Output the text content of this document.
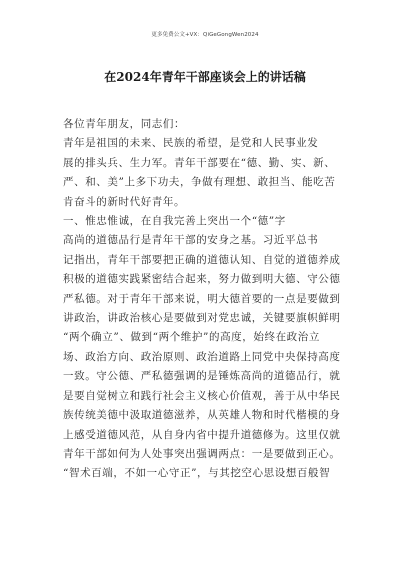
更多免费公文+VX：QiGeGongWen2024
在2024年青年干部座谈会上的讲话稿

各位青年朋友，同志们：

青年是祖国的未来、民族的希望，是党和人民事业发

展的排头兵、生力军。青年干部要在“德、勤、实、新、

严、和、美”上多下功夫，争做有理想、敢担当、能吃苦

肯奋斗的新时代好青年。

一、惟忠惟诚，在自我完善上突出一个“德”字

高尚的道德品行是青年干部的安身之基。习近平总书

记指出，青年干部要把正确的道德认知、自觉的道德养成

积极的道德实践紧密结合起来，努力做到明大德、守公德

严私德。对于青年干部来说，明大德首要的一点是要做到

讲政治，讲政治核心是要做到对党忠诚，关键要旗帜鲜明

“两个确立”、做到“两个维护”的高度，始终在政治立

场、政治方向、政治原则、政治道路上同党中央保持高度

一致。守公德、严私德强调的是锤炼高尚的道德品行，就

是要自觉树立和践行社会主义核心价值观，善于从中华民

族传统美德中汲取道德滋养，从英雄人物和时代楷模的身

上感受道德风范，从自身内省中提升道德修为。这里仅就

青年干部如何为人处事突出强调两点：一是要做到正心。

“智术百端，不如一心守正”，与其挖空心思设想百般智
